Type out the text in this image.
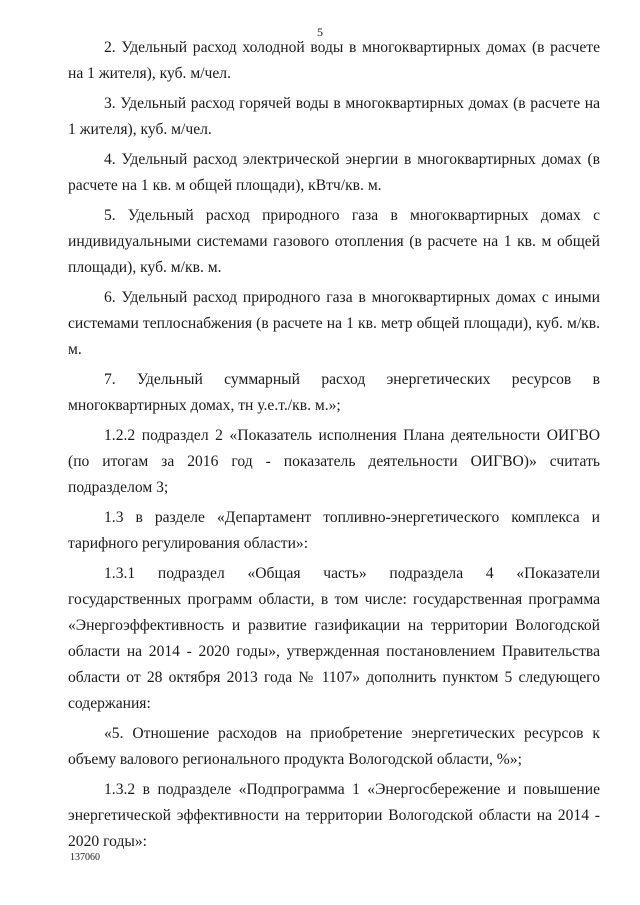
5

2. Удельный расход холодной воды в многоквартирных домах (в расчете на 1 жителя), куб. м/чел.

3. Удельный расход горячей воды в многоквартирных домах (в расчете на 1 жителя), куб. м/чел.

4. Удельный расход электрической энергии в многоквартирных домах (в расчете на 1 кв. м общей площади), кВтч/кв. м.

5. Удельный расход природного газа в многоквартирных домах с индивидуальными системами газового отопления (в расчете на 1 кв. м общей площади), куб. м/кв. м.

6. Удельный расход природного газа в многоквартирных домах с иными системами теплоснабжения (в расчете на 1 кв. метр общей площади), куб. м/кв. м.

7. Удельный суммарный расход энергетических ресурсов в многоквартирных домах, тн у.е.т./кв. м.»;

1.2.2 подраздел 2 «Показатель исполнения Плана деятельности ОИГВО (по итогам за 2016 год - показатель деятельности ОИГВО)» считать подразделом 3;

1.3 в разделе «Департамент топливно-энергетического комплекса и тарифного регулирования области»:

1.3.1 подраздел «Общая часть» подраздела 4 «Показатели государственных программ области, в том числе: государственная программа «Энергоэффективность и развитие газификации на территории Вологодской области на 2014 - 2020 годы», утвержденная постановлением Правительства области от 28 октября 2013 года № 1107» дополнить пунктом 5 следующего содержания:

«5. Отношение расходов на приобретение энергетических ресурсов к объему валового регионального продукта Вологодской области, %»;

1.3.2 в подразделе «Подпрограмма 1 «Энергосбережение и повышение энергетической эффективности на территории Вологодской области на 2014 - 2020 годы»:

137060
